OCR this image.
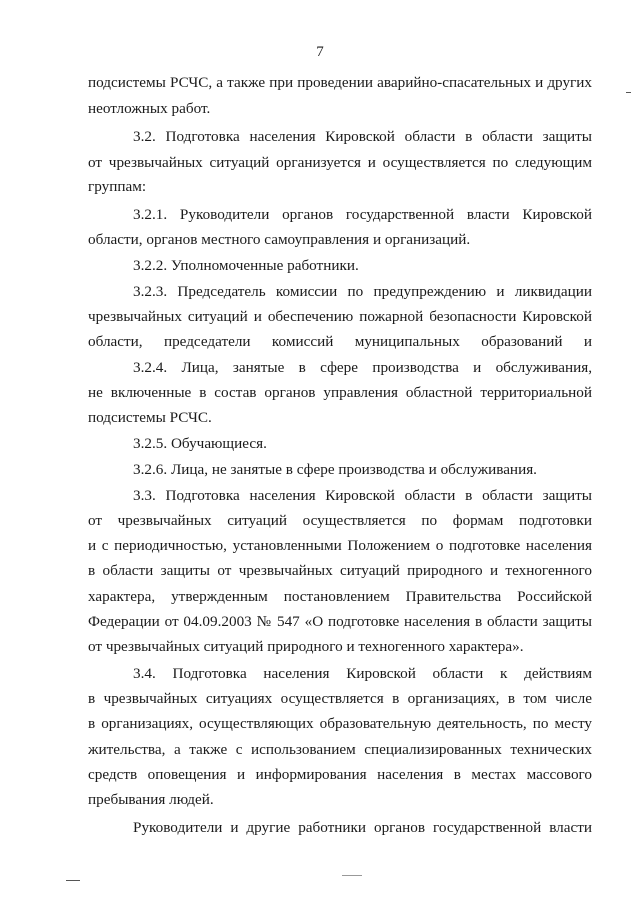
7
подсистемы РСЧС, а также при проведении аварийно-спасательных и других
неотложных работ.
3.2. Подготовка населения Кировской области в области защиты
от чрезвычайных ситуаций организуется и осуществляется по следующим
группам:
3.2.1. Руководители органов государственной власти Кировской
области, органов местного самоуправления и организаций.
3.2.2. Уполномоченные работники.
3.2.3. Председатель комиссии по предупреждению и ликвидации
чрезвычайных ситуаций и обеспечению пожарной безопасности Кировской
области, председатели комиссий муниципальных образований и
3.2.4. Лица, занятые в сфере производства и обслуживания,
не включенные в состав органов управления областной территориальной
подсистемы РСЧС.
3.2.5. Обучающиеся.
3.2.6. Лица, не занятые в сфере производства и обслуживания.
3.3. Подготовка населения Кировской области в области защиты
от чрезвычайных ситуаций осуществляется по формам подготовки
и с периодичностью, установленными Положением о подготовке населения
в области защиты от чрезвычайных ситуаций природного и техногенного
характера, утвержденным постановлением Правительства Российской
Федерации от 04.09.2003 № 547 «О подготовке населения в области защиты
от чрезвычайных ситуаций природного и техногенного характера».
3.4. Подготовка населения Кировской области к действиям
в чрезвычайных ситуациях осуществляется в организациях, в том числе
в организациях, осуществляющих образовательную деятельность, по месту
жительства, а также с использованием специализированных технических
средств оповещения и информирования населения в местах массового
пребывания людей.
Руководители и другие работники органов государственной власти
